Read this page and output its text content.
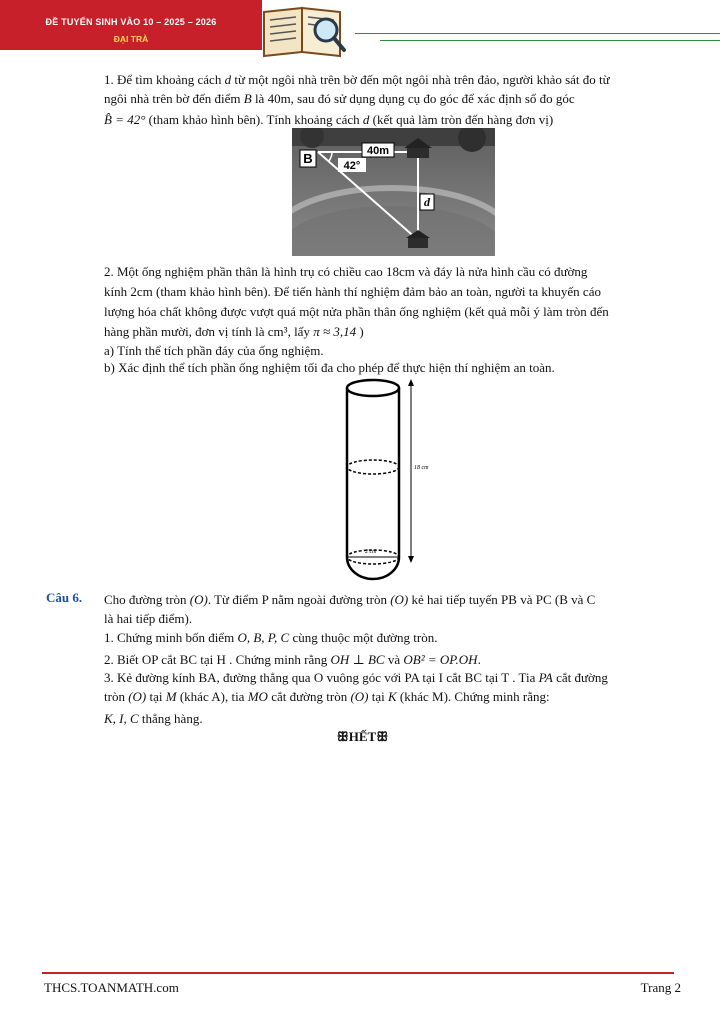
ĐỀ TUYỂN SINH VÀO 10 – 2025 – 2026
ĐẠI TRÀ
1. Để tìm khoảng cách d từ một ngôi nhà trên bờ đến một ngôi nhà trên đảo, người khảo sát đo từ
ngôi nhà trên bờ đến điểm B là 40m, sau đó sử dụng dụng cụ đo góc để xác định số đo góc
B̂ = 42° (tham khảo hình bên). Tính khoảng cách d (kết quả làm tròn đến hàng đơn vị)
B	40m
42°
d
2. Một ống nghiệm phần thân là hình trụ có chiều cao 18cm và đáy là nửa hình cầu có đường
kính 2cm (tham khảo hình bên). Để tiến hành thí nghiệm đảm bảo an toàn, người ta khuyến cáo
lượng hóa chất không được vượt quá một nửa phần thân ống nghiệm (kết quả mỗi ý làm tròn đến
hàng phần mười, đơn vị tính là cm³, lấy π ≈ 3,14 )
a) Tính thể tích phần đáy của ống nghiệm.
b) Xác định thể tích phần ống nghiệm tối đa cho phép để thực hiện thí nghiệm an toàn.
18 cm
2 cm
Câu 6. Cho đường tròn (O). Từ điểm P nằm ngoài đường tròn (O) kẻ hai tiếp tuyến PB và PC (B và C
là hai tiếp điểm).
1. Chứng minh bốn điểm O, B, P, C cùng thuộc một đường tròn.
2. Biết OP cắt BC tại H . Chứng minh rằng OH ⊥ BC và OB² = OP.OH.
3. Kẻ đường kính BA, đường thẳng qua O vuông góc với PA tại I cắt BC tại T . Tia PA cắt đường
tròn (O) tại M (khác A), tia MO cắt đường tròn (O) tại K (khác M). Chứng minh rằng:
K, I, C thẳng hàng.
ꕥHẾTꕥ
THCS.TOANMATH.com	Trang 2
